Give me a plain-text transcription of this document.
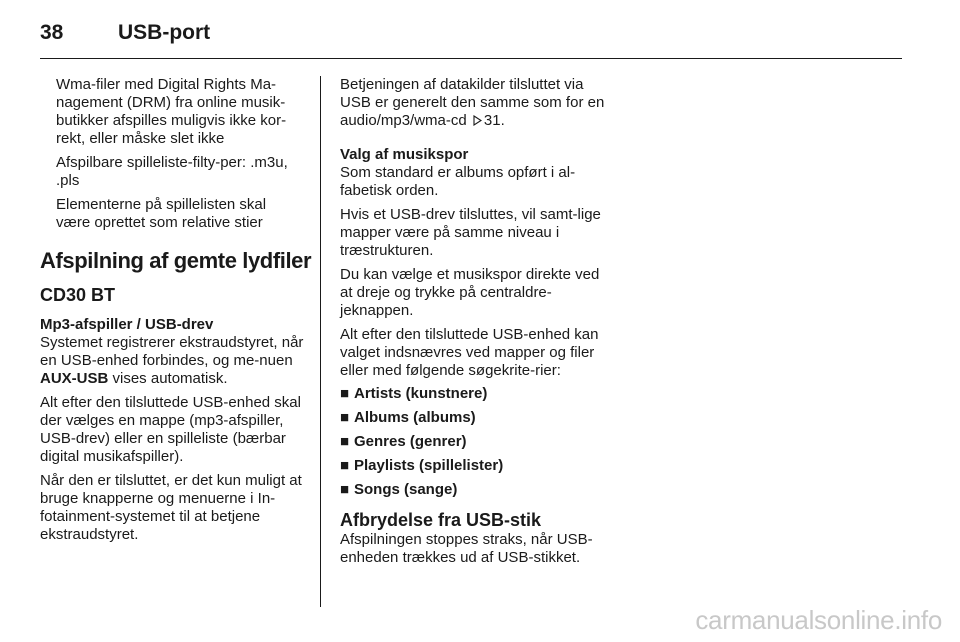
38	USB-port

Wma-filer med Digital Rights Ma-nagement (DRM) fra online musik-butikker afspilles muligvis ikke kor-rekt, eller måske slet ikke

Afspilbare spilleliste-filty-per: .m3u, .pls

Elementerne på spillelisten skal være oprettet som relative stier

Afspilning af gemte lydfiler
CD30 BT
Mp3-afspiller / USB-drev

Systemet registrerer ekstraudstyret, når en USB-enhed forbindes, og me-nuen AUX-USB vises automatisk.

Alt efter den tilsluttede USB-enhed skal der vælges en mappe (mp3-afspiller, USB-drev) eller en spilleliste (bærbar digital musikafspiller).

Når den er tilsluttet, er det kun muligt at bruge knapperne og menuerne i In-fotainment-systemet til at betjene ekstraudstyret.

Betjeningen af datakilder tilsluttet via USB er generelt den samme som for en audio/mp3/wma-cd 31.

Valg af musikspor

Som standard er albums opført i al-fabetisk orden.

Hvis et USB-drev tilsluttes, vil samt-lige mapper være på samme niveau i træstrukturen.

Du kan vælge et musikspor direkte ved at dreje og trykke på centraldre-jeknappen.

Alt efter den tilsluttede USB-enhed kan valget indsnævres ved mapper og filer eller med følgende søgekrite-rier:

■ Artists (kunstnere)

■ Albums (albums)

■ Genres (genrer)

■ Playlists (spillelister)

■ Songs (sange)

Afbrydelse fra USB-stik

Afspilningen stoppes straks, når USB-enheden trækkes ud af USB-stikket.

carmanualsonline.info
